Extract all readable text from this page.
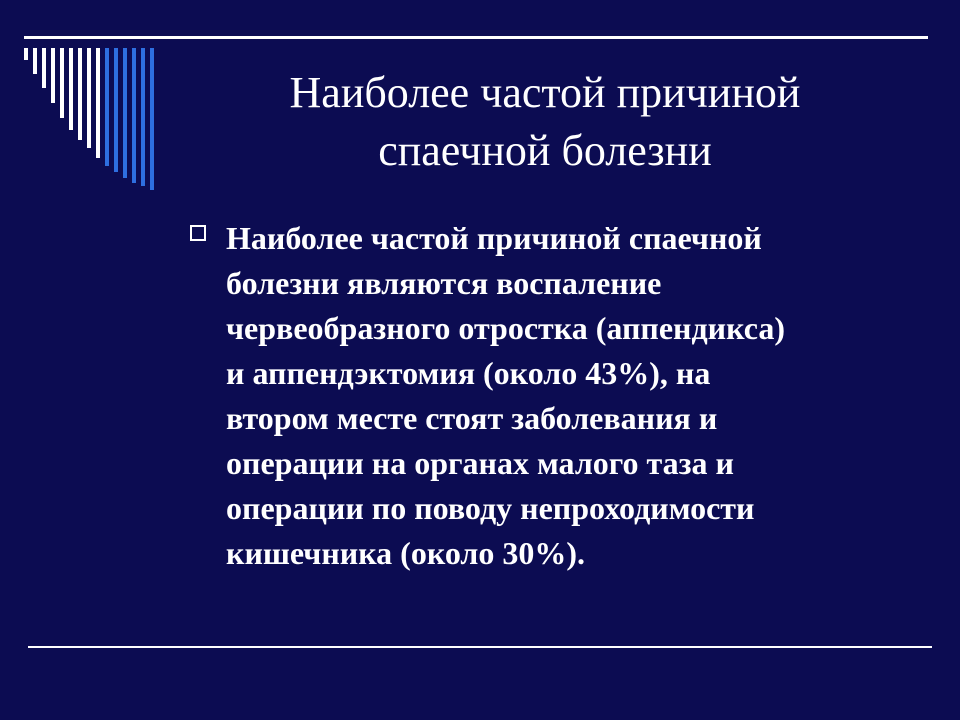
Наиболее частой причиной
спаечной болезни

Наиболее частой причиной спаечной
болезни являются воспаление
червеобразного отростка (аппендикса)
и аппендэктомия (около 43%), на
втором месте стоят заболевания и
операции на органах малого таза и
операции по поводу непроходимости
кишечника (около 30%).
